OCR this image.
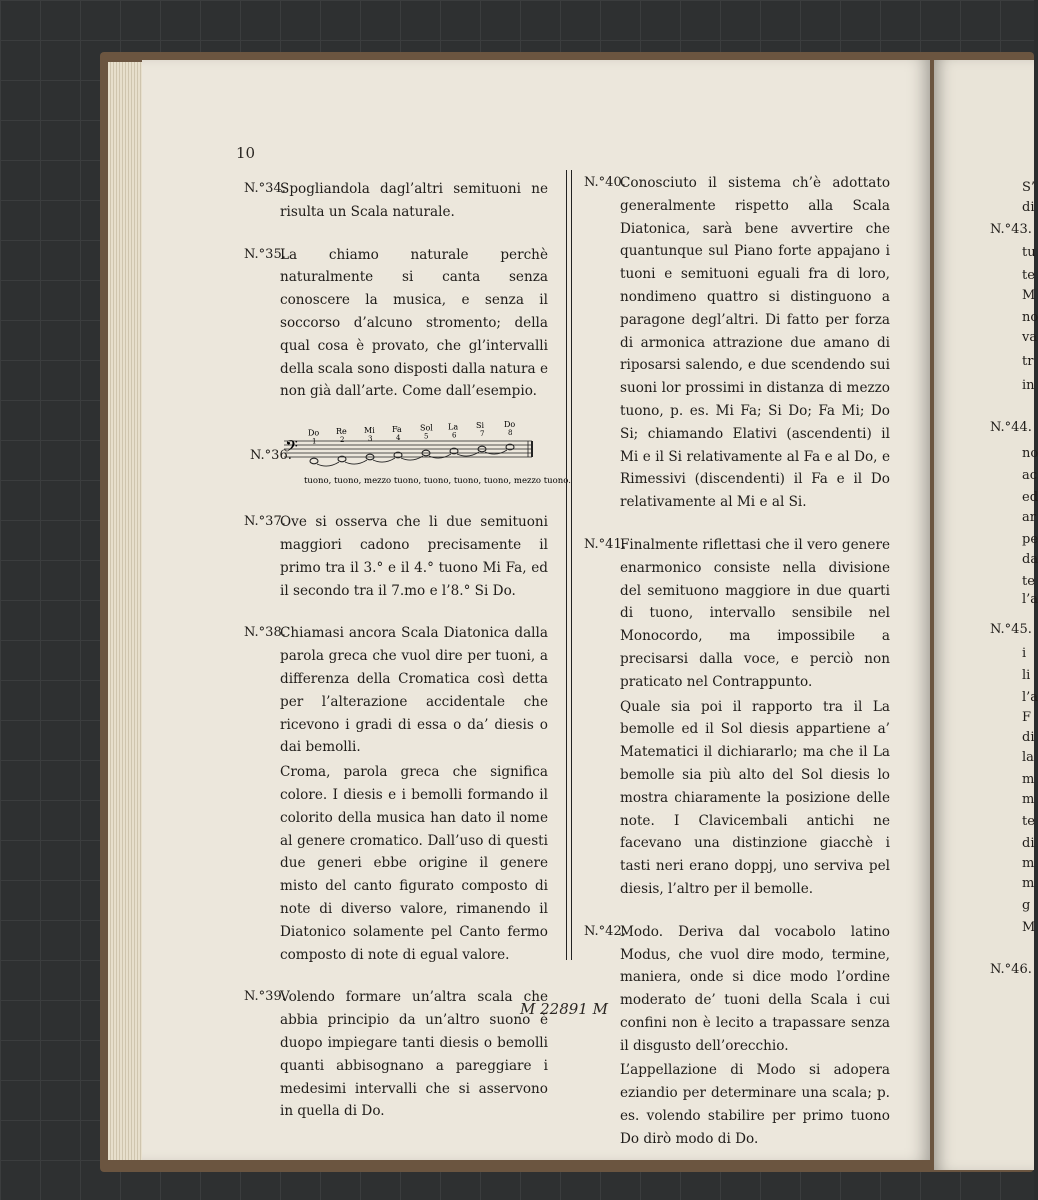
10
N.°34.
Spogliandola dagl’altri semituoni ne risulta un Scala naturale.
N.°35.
La chiamo naturale perchè naturalmente si canta senza conoscere la musica, e senza il soccorso d’alcuno stromento; della qual cosa è provato, che gl’intervalli della scala sono disposti dalla natura e non già dall’arte. Come dall’esempio.
N.°36.
𝄢
Do
1
Re
2
Mi
3
Fa
4
Sol
5
La
6
Si
7
Do
8
tuono, tuono, mezzo tuono, tuono, tuono, tuono, mezzo tuono.
N.°37.
Ove si osserva che li due semituoni maggiori cadono precisamente il primo tra il 3.° e il 4.° tuono Mi Fa, ed il secondo tra il 7.mo e l’8.° Si Do.
N.°38.
Chiamasi ancora Scala Diatonica dalla parola greca che vuol dire per tuoni, a differenza della Cromatica così detta per l’alterazione accidentale che ricevono i gradi di essa o da’ diesis o dai bemolli.
Croma, parola greca che significa colore. I diesis e i bemolli formando il colorito della musica han dato il nome al genere cromatico. Dall’uso di questi due generi ebbe origine il genere misto del canto figurato composto di note di diverso valore, rimanendo il Diatonico solamente pel Canto fermo composto di note di egual valore.
N.°39.
Volendo formare un’altra scala che abbia principio da un’altro suono è duopo impiegare tanti diesis o bemolli quanti abbisognano a pareggiare i medesimi intervalli che si asservono in quella di Do.
N.°40.
Conosciuto il sistema ch’è adottato generalmente rispetto alla Scala Diatonica, sarà bene avvertire che quantunque sul Piano forte appajano i tuoni e semituoni eguali fra di loro, nondimeno quattro si distinguono a paragone degl’altri. Di fatto per forza di armonica attrazione due amano di riposarsi salendo, e due scendendo sui suoni lor prossimi in distanza di mezzo tuono, p. es. Mi Fa; Si Do; Fa Mi; Do Si; chiamando Elativi (ascendenti) il Mi e il Si relativamente al Fa e al Do, e Rimessivi (discendenti) il Fa e il Do relativamente al Mi e al Si.
N.°41.
Finalmente riflettasi che il vero genere enarmonico consiste nella divisione del semituono maggiore in due quarti di tuono, intervallo sensibile nel Monocordo, ma impossibile a precisarsi dalla voce, e perciò non praticato nel Contrappunto.
Quale sia poi il rapporto tra il La bemolle ed il Sol diesis appartiene a’ Matematici il dichiararlo; ma che il La bemolle sia più alto del Sol diesis lo mostra chiaramente la posizione delle note. I Clavicembali antichi ne facevano una distinzione giacchè i tasti neri erano doppj, uno serviva pel diesis, l’altro per il bemolle.
N.°42.
Modo. Deriva dal vocabolo latino Modus, che vuol dire modo, termine, maniera, onde si dice modo l’ordine moderato de’ tuoni della Scala i cui confini non è lecito a trapassare senza il disgusto dell’orecchio.
L’appellazione di Modo si adopera eziandio per determinare una scala; p. es. volendo stabilire per primo tuono Do dirò modo di Do.
M 22891 M
N.°43.
N.°44.
N.°45.
N.°46.
S’
di
tu
te
M
no
va
tr
in
no
ac
ed
ar
pe
da
te
l’a
i
li
l’a
F
di
la
m
m
te
di
m
m
g
M
